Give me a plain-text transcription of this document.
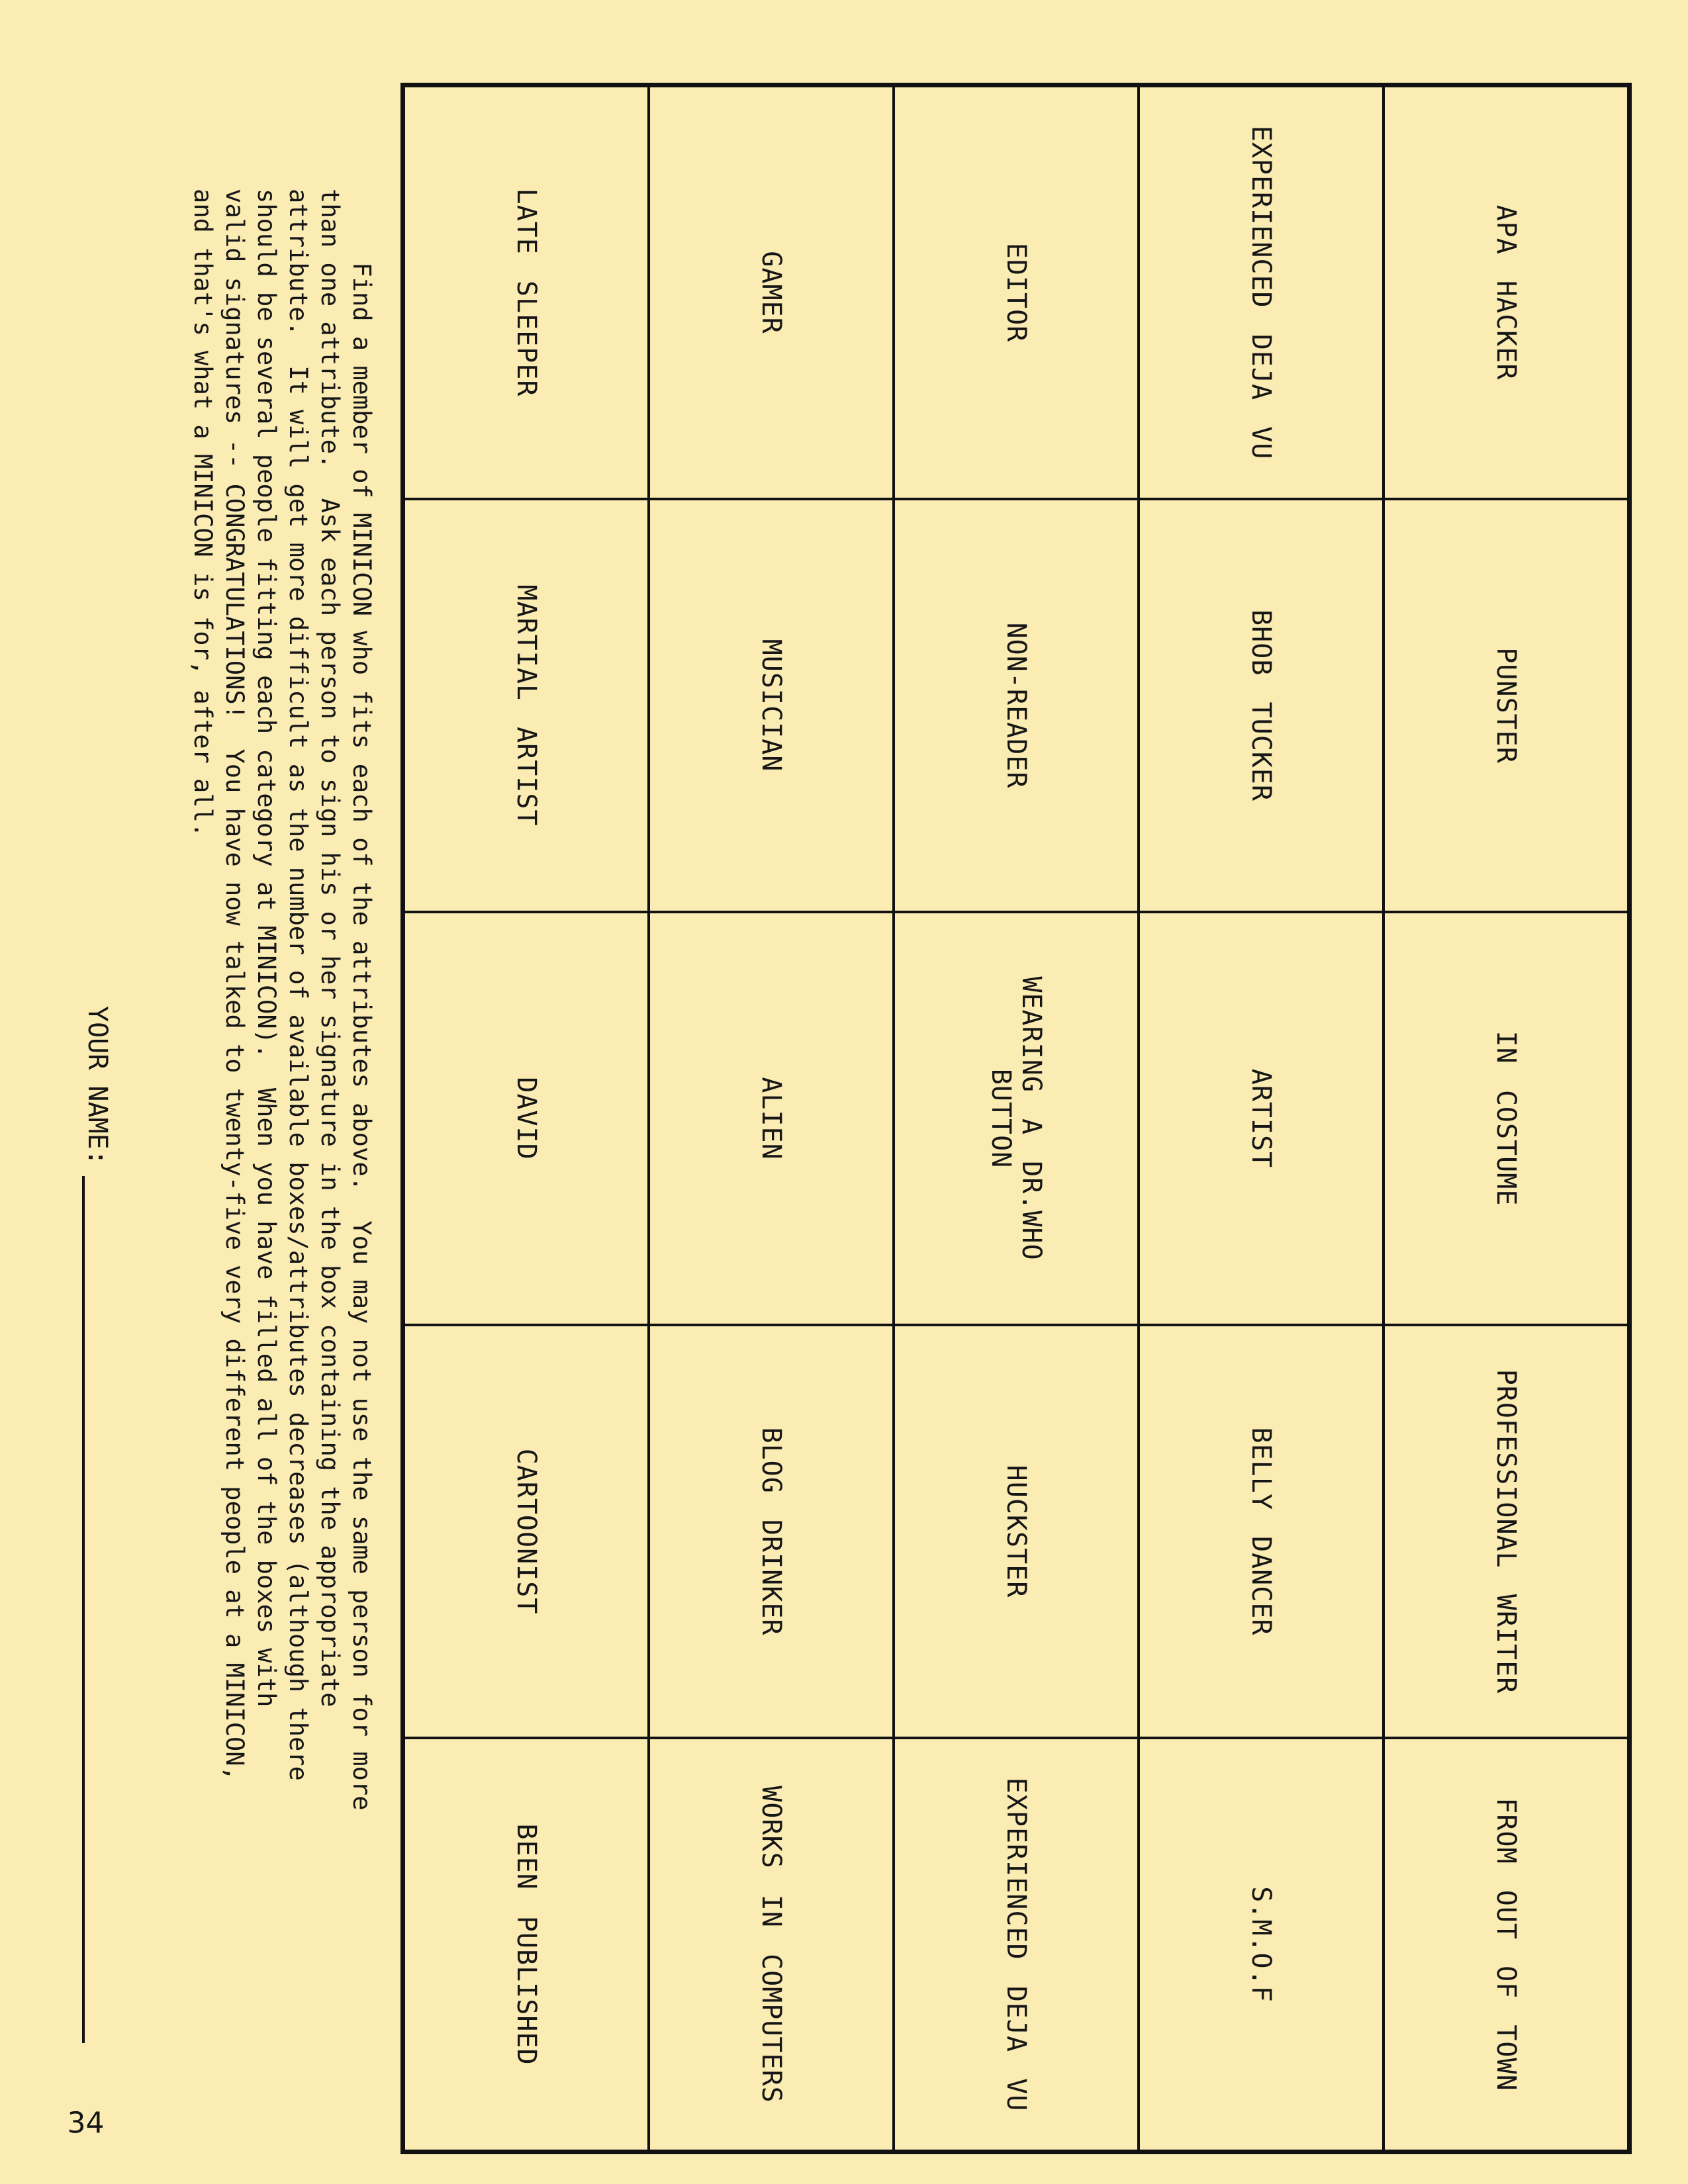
APA HACKER
PUNSTER
IN COSTUME
PROFESSIONAL WRITER
FROM OUT OF TOWN
EXPERIENCED DEJA VU
BHOB TUCKER
ARTIST
BELLY DANCER
S.M.O.F
EDITOR
NON-READER
WEARING A DR.WHO BUTTON
HUCKSTER
EXPERIENCED DEJA VU
GAMER
MUSICIAN
ALIEN
BLOG DRINKER
WORKS IN COMPUTERS
LATE SLEEPER
MARTIAL ARTIST
DAVID
CARTOONIST
BEEN PUBLISHED
Find a member of MINICON who fits each of the attributes above.  You may not use the same person for more
than one attribute.  Ask each person to sign his or her signature in the box containing the appropriate
attribute.  It will get more difficult as the number of available boxes/attributes decreases (although there
should be several people fitting each category at MINICON).  When you have filled all of the boxes with
valid signatures -- CONGRATULATIONS!  You have now talked to twenty-five very different people at a MINICON,
and that's what a MINICON is for, after all.
YOUR NAME:
34
